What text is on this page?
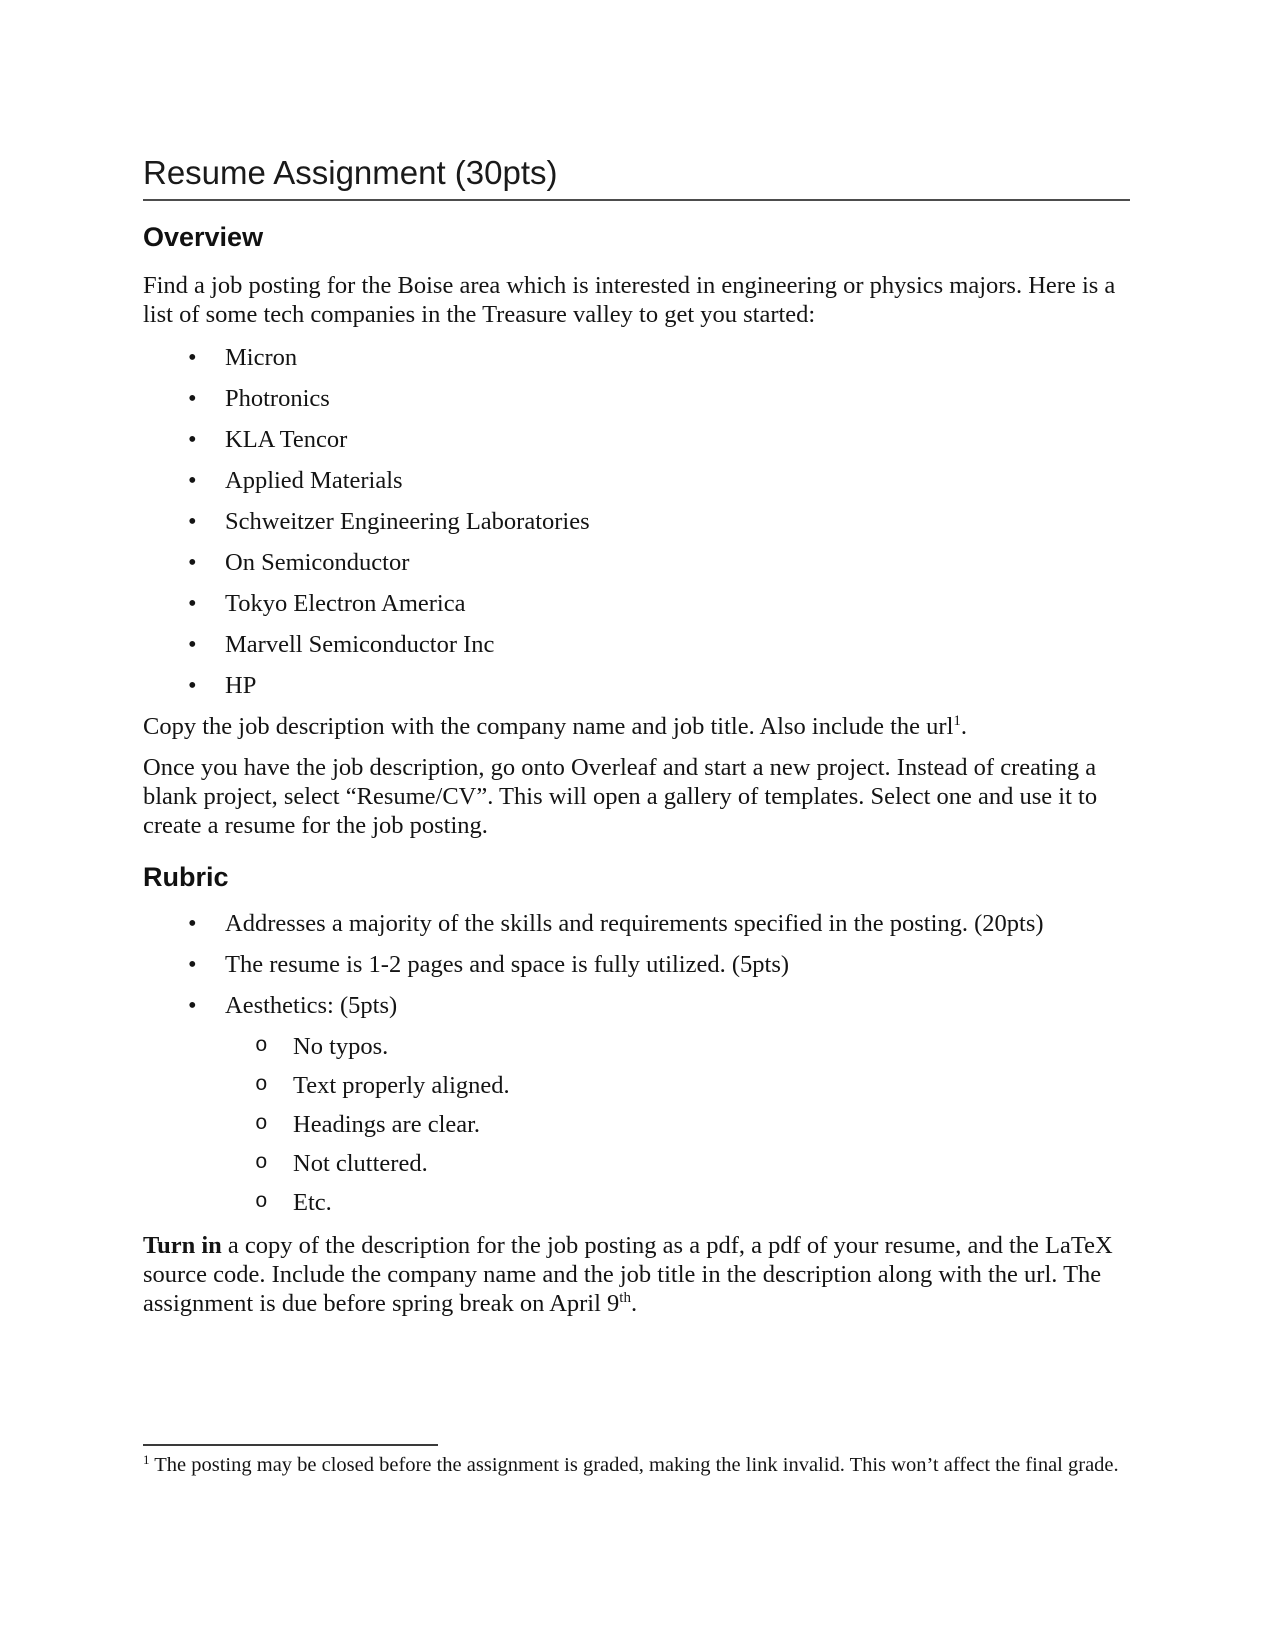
Resume Assignment (30pts)
Overview

Find a job posting for the Boise area which is interested in engineering or physics majors. Here is a list of some tech companies in the Treasure valley to get you started:

• Micron
• Photronics
• KLA Tencor
• Applied Materials
• Schweitzer Engineering Laboratories
• On Semiconductor
• Tokyo Electron America
• Marvell Semiconductor Inc
• HP

Copy the job description with the company name and job title. Also include the url$^1$.

Once you have the job description, go onto Overleaf and start a new project. Instead of creating a blank project, select “Resume/CV”. This will open a gallery of templates. Select one and use it to create a resume for the job posting.

Rubric
• Addresses a majority of the skills and requirements specified in the posting. (20pts)
• The resume is 1-2 pages and space is fully utilized. (5pts)
• Aesthetics: (5pts)
o No typos.
o Text properly aligned.
o Headings are clear.
o Not cluttered.
o Etc.

Turn in a copy of the description for the job posting as a pdf, a pdf of your resume, and the LaTeX source code. Include the company name and the job title in the description along with the url. The assignment is due before spring break on April 9th.

$^1$ The posting may be closed before the assignment is graded, making the link invalid. This won’t affect the final grade.
